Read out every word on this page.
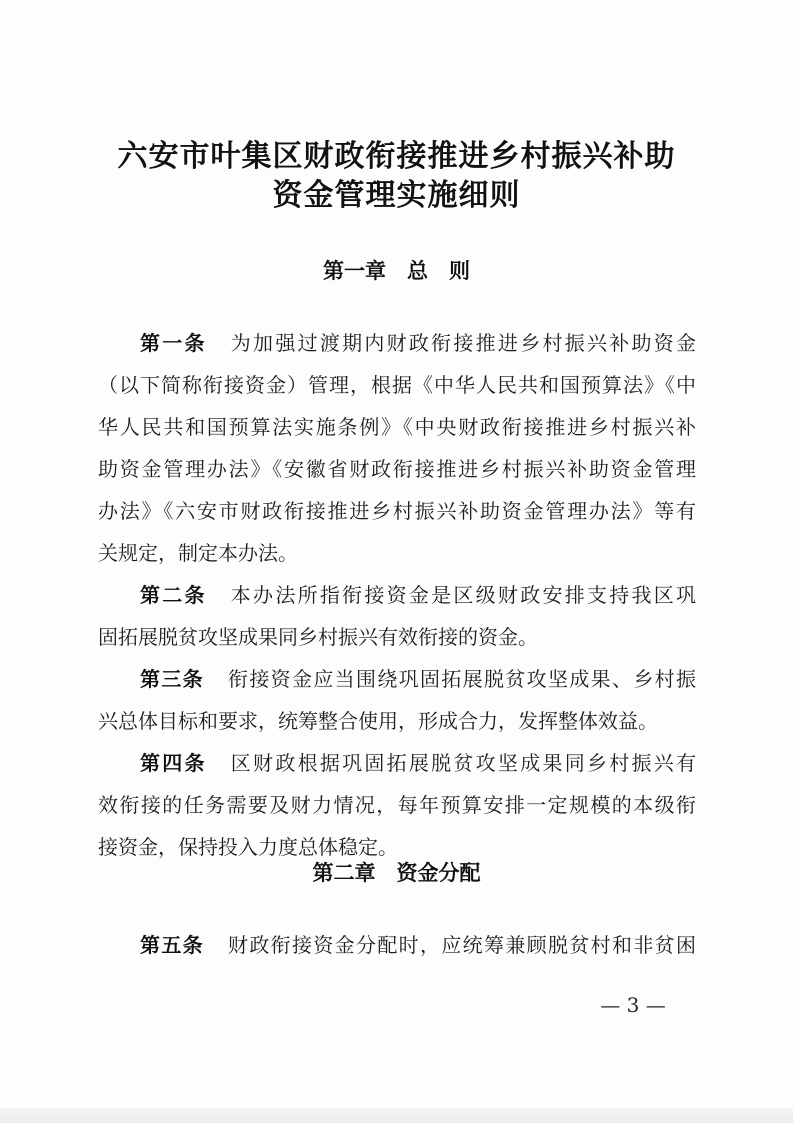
六安市叶集区财政衔接推进乡村振兴补助
资金管理实施细则
第一章　总　则
第一条 为加强过渡期内财政衔接推进乡村振兴补助资金
（以下简称衔接资金）管理，根据《中华人民共和国预算法》《中
华人民共和国预算法实施条例》《中央财政衔接推进乡村振兴补
助资金管理办法》《安徽省财政衔接推进乡村振兴补助资金管理
办法》《六安市财政衔接推进乡村振兴补助资金管理办法》等有
关规定，制定本办法。
第二条 本办法所指衔接资金是区级财政安排支持我区巩
固拓展脱贫攻坚成果同乡村振兴有效衔接的资金。
第三条 衔接资金应当围绕巩固拓展脱贫攻坚成果、乡村振
兴总体目标和要求，统筹整合使用，形成合力，发挥整体效益。
第四条 区财政根据巩固拓展脱贫攻坚成果同乡村振兴有
效衔接的任务需要及财力情况，每年预算安排一定规模的本级衔
接资金，保持投入力度总体稳定。
第二章　资金分配
第五条 财政衔接资金分配时，应统筹兼顾脱贫村和非贫困
— 3 —
